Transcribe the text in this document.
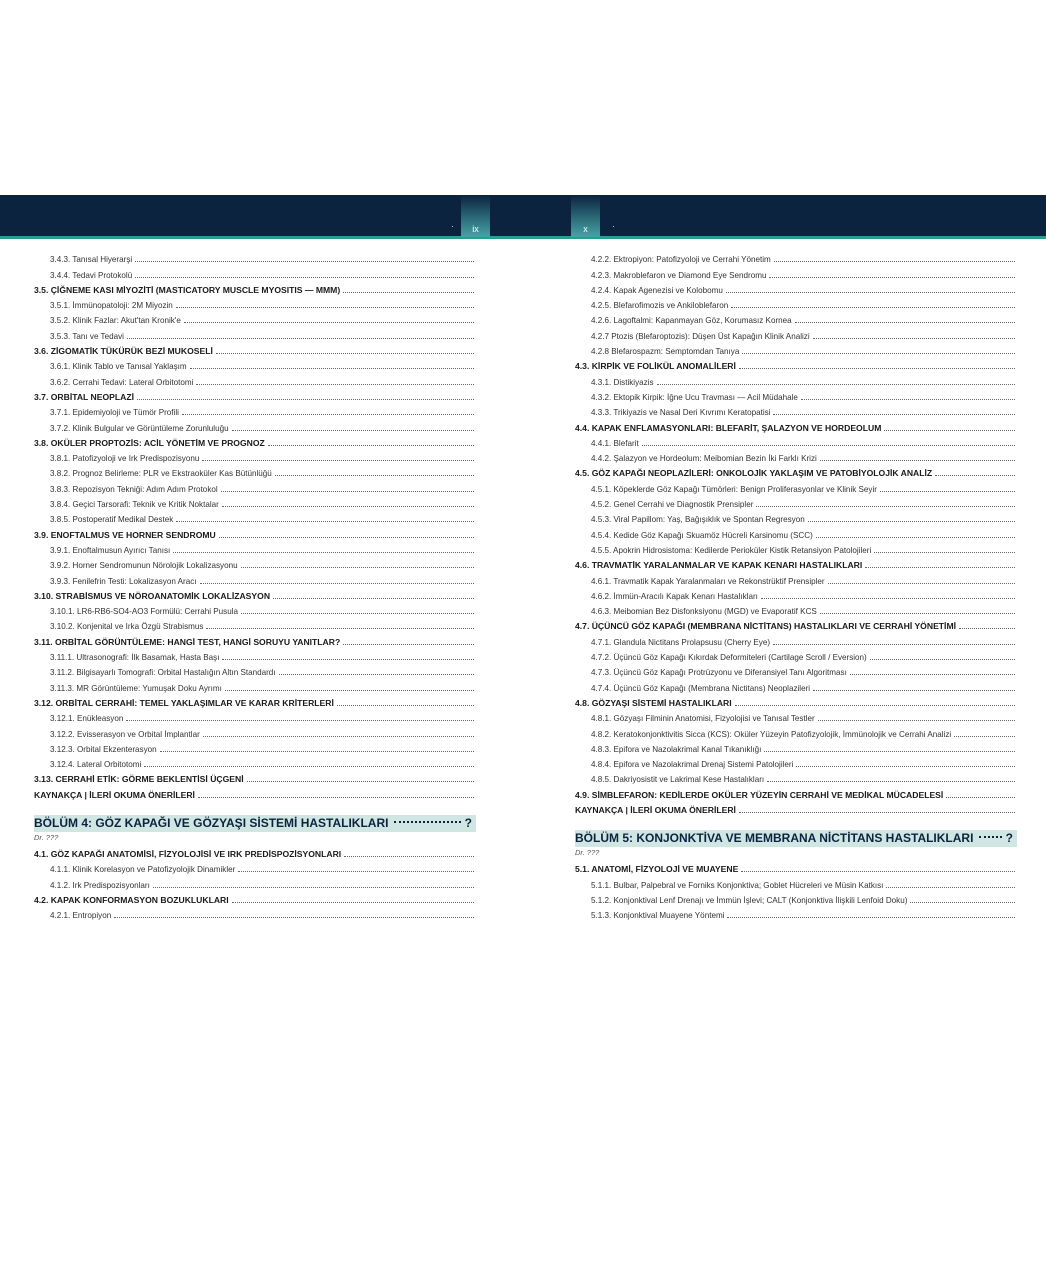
·	ix	x	·
3.4.3. Tanısal Hiyerarşi
3.4.4. Tedavi Protokolü
3.5. ÇİĞNEME KASI MİYOZİTİ (MASTICATORY MUSCLE MYOSITIS — MMM)
3.5.1. İmmünopatoloji: 2M Miyozin
3.5.2. Klinik Fazlar: Akut'tan Kronik'e
3.5.3. Tanı ve Tedavi
3.6. ZİGOMATİK TÜKÜRÜK BEZİ MUKOSELİ
3.6.1. Klinik Tablo ve Tanısal Yaklaşım
3.6.2. Cerrahi Tedavi: Lateral Orbitotomi
3.7. ORBİTAL NEOPLAZİ
3.7.1. Epidemiyoloji ve Tümör Profili
3.7.2. Klinik Bulgular ve Görüntüleme Zorunluluğu
3.8. OKÜLER PROPTOZİS: ACİL YÖNETİM VE PROGNOZ
3.8.1. Patofizyoloji ve Irk Predispozisyonu
3.8.2. Prognoz Belirleme: PLR ve Ekstraoküler Kas Bütünlüğü
3.8.3. Repozisyon Tekniği: Adım Adım Protokol
3.8.4. Geçici Tarsorafi: Teknik ve Kritik Noktalar
3.8.5. Postoperatif Medikal Destek
3.9. ENOFTALMUS VE HORNER SENDROMU
3.9.1. Enoftalmusun Ayırıcı Tanısı
3.9.2. Horner Sendromunun Nörolojik Lokalizasyonu
3.9.3. Fenilefrin Testi: Lokalizasyon Aracı
3.10. STRABİSMUS VE NÖROANATOMİK LOKALİZASYON
3.10.1. LR6-RB6-SO4-AO3 Formülü: Cerrahi Pusula
3.10.2. Konjenital ve Irka Özgü Strabismus
3.11. ORBİTAL GÖRÜNTÜLEME: HANGİ TEST, HANGİ SORUYU YANITLAR?
3.11.1. Ultrasonografi: İlk Basamak, Hasta Başı
3.11.2. Bilgisayarlı Tomografi: Orbital Hastalığın Altın Standardı
3.11.3. MR Görüntüleme: Yumuşak Doku Ayrımı
3.12. ORBİTAL CERRAHİ: TEMEL YAKLAŞIMLAR VE KARAR KRİTERLERİ
3.12.1. Enükleasyon
3.12.2. Evisserasyon ve Orbital İmplantlar
3.12.3. Orbital Ekzenterasyon
3.12.4. Lateral Orbitotomi
3.13. CERRAHİ ETİK: GÖRME BEKLENTİSİ ÜÇGENİ
KAYNAKÇA | İLERİ OKUMA ÖNERİLERİ
BÖLÜM 4: GÖZ KAPAĞI VE GÖZYAŞI SİSTEMİ HASTALIKLARI	?
Dr. ???
4.1. GÖZ KAPAĞI ANATOMİSİ, FİZYOLOJİSİ VE IRK PREDİSPOZİSYONLARI
4.1.1. Klinik Korelasyon ve Patofizyolojik Dinamikler
4.1.2. Irk Predispozisyonları
4.2. KAPAK KONFORMASYON BOZUKLUKLARI
4.2.1. Entropiyon
4.2.2. Ektropiyon: Patofizyoloji ve Cerrahi Yönetim
4.2.3. Makroblefaron ve Diamond Eye Sendromu
4.2.4. Kapak Agenezisi ve Kolobomu
4.2.5. Blefarofimozis ve Ankiloblefaron
4.2.6. Lagoftalmi: Kapanmayan Göz, Korumasız Kornea
4.2.7 Ptozis (Blefaroptozis): Düşen Üst Kapağın Klinik Analizi
4.2.8 Blefarospazm: Semptomdan Tanıya
4.3. KİRPİK VE FOLİKÜL ANOMALİLERİ
4.3.1. Distikiyazis
4.3.2. Ektopik Kirpik: İğne Ucu Travması — Acil Müdahale
4.3.3. Trikiyazis ve Nasal Deri Kıvrımı Keratopatisi
4.4. KAPAK ENFLAMASYONLARI: BLEFARİT, ŞALAZYON VE HORDEOLUM
4.4.1. Blefarit
4.4.2. Şalazyon ve Hordeolum: Meibomian Bezin İki Farklı Krizi
4.5. GÖZ KAPAĞI NEOPLAZİLERİ: ONKOLOJİK YAKLAŞIM VE PATOBİYOLOJİK ANALİZ
4.5.1. Köpeklerde Göz Kapağı Tümörleri: Benign Proliferasyonlar ve Klinik Seyir
4.5.2. Genel Cerrahi ve Diagnostik Prensipler
4.5.3. Viral Papillom: Yaş, Bağışıklık ve Spontan Regresyon
4.5.4. Kedide Göz Kapağı Skuamöz Hücreli Karsinomu (SCC)
4.5.5. Apokrin Hidrosistoma: Kedilerde Perioküler Kistik Retansiyon Patolojileri
4.6. TRAVMATİK YARALANMALAR VE KAPAK KENARI HASTALIKLARI
4.6.1. Travmatik Kapak Yaralanmaları ve Rekonstrüktif Prensipler
4.6.2. İmmün-Aracılı Kapak Kenarı Hastalıkları
4.6.3. Meibomian Bez Disfonksiyonu (MGD) ve Evaporatif KCS
4.7. ÜÇÜNCÜ GÖZ KAPAĞI (MEMBRANA NİCTİTANS) HASTALIKLARI VE CERRAHİ YÖNETİMİ
4.7.1. Glandula Nictitans Prolapsusu (Cherry Eye)
4.7.2. Üçüncü Göz Kapağı Kıkırdak Deformiteleri (Cartilage Scroll / Eversion)
4.7.3. Üçüncü Göz Kapağı Protrüzyonu ve Diferansiyel Tanı Algoritması
4.7.4. Üçüncü Göz Kapağı (Membrana Nictitans) Neoplazileri
4.8. GÖZYAŞI SİSTEMİ HASTALIKLARI
4.8.1. Gözyaşı Filminin Anatomisi, Fizyolojisi ve Tanısal Testler
4.8.2. Keratokonjonktivitis Sicca (KCS): Oküler Yüzeyin Patofizyolojik, İmmünolojik ve Cerrahi Analizi
4.8.3. Epifora ve Nazolakrimal Kanal Tıkanıklığı
4.8.4. Epifora ve Nazolakrimal Drenaj Sistemi Patolojileri
4.8.5. Dakriyosistit ve Lakrimal Kese Hastalıkları
4.9. SİMBLEFARON: KEDİLERDE OKÜLER YÜZEYİN CERRAHİ VE MEDİKAL MÜCADELESİ
KAYNAKÇA | İLERİ OKUMA ÖNERİLERİ
BÖLÜM 5: KONJONKTİVA VE MEMBRANA NİCTİTANS HASTALIKLARI	?
Dr. ???
5.1. ANATOMİ, FİZYOLOJİ VE MUAYENE
5.1.1. Bulbar, Palpebral ve Forniks Konjonktiva; Goblet Hücreleri ve Müsin Katkısı
5.1.2. Konjonktival Lenf Drenajı ve İmmün İşlevi; CALT (Konjonktiva İlişkili Lenfoid Doku)
5.1.3. Konjonktival Muayene Yöntemi
